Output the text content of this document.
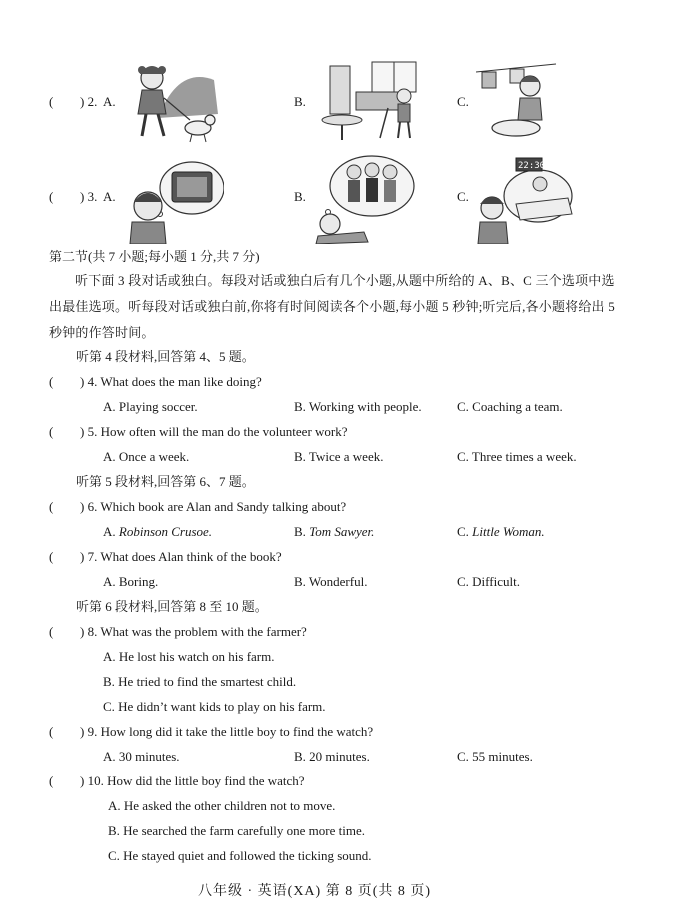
( ) 2. A.	B.	C.
( ) 3. A.	B.	C.
22:30
第二节(共 7 小题;每小题 1 分,共 7 分)
听下面 3 段对话或独白。每段对话或独白后有几个小题,从题中所给的 A、B、C 三个选项中选出最佳选项。听每段对话或独白前,你将有时间阅读各个小题,每小题 5 秒钟;听完后,各小题将给出 5 秒钟的作答时间。
听第 4 段材料,回答第 4、5 题。
( ) 4. What does the man like doing?
A. Playing soccer.	B. Working with people.	C. Coaching a team.
( ) 5. How often will the man do the volunteer work?
A. Once a week.	B. Twice a week.	C. Three times a week.
听第 5 段材料,回答第 6、7 题。
( ) 6. Which book are Alan and Sandy talking about?
A. Robinson Crusoe.	B. Tom Sawyer.	C. Little Woman.
( ) 7. What does Alan think of the book?
A. Boring.	B. Wonderful.	C. Difficult.
听第 6 段材料,回答第 8 至 10 题。
( ) 8. What was the problem with the farmer?
A. He lost his watch on his farm.
B. He tried to find the smartest child.
C. He didn’t want kids to play on his farm.
( ) 9. How long did it take the little boy to find the watch?
A. 30 minutes.	B. 20 minutes.	C. 55 minutes.
( ) 10. How did the little boy find the watch?
A. He asked the other children not to move.
B. He searched the farm carefully one more time.
C. He stayed quiet and followed the ticking sound.
八年级 · 英语(XA) 第 8 页(共 8 页)
